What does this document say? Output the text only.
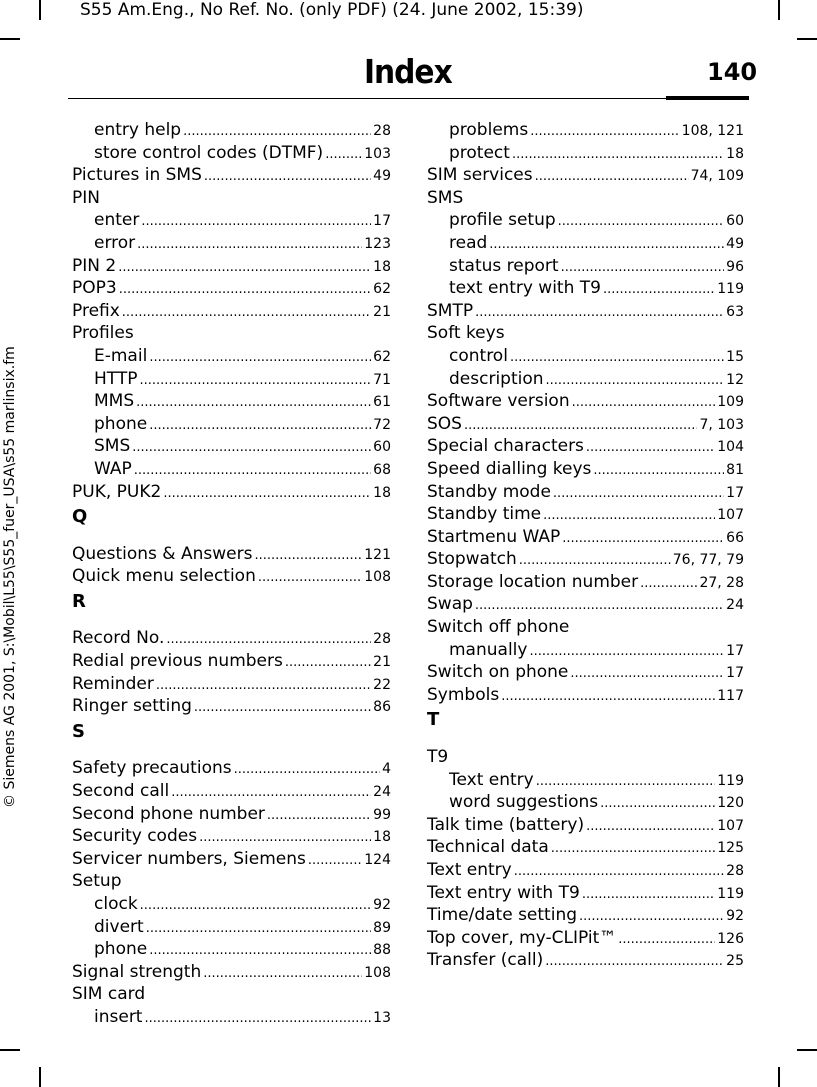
S55 Am.Eng., No Ref. No. (only PDF) (24. June 2002, 15:39)
Index	140
© Siemens AG 2001, S:\Mobil\L55\S55_fuer_USA\s55 marlinsix.fm
entry help .....	28
store control codes (DTMF) .....	103
Pictures in SMS .....	49
PIN
enter .....	17
error .....	123
PIN 2 .....	18
POP3 .....	62
Prefix .....	21
Profiles
E-mail .....	62
HTTP .....	71
MMS .....	61
phone .....	72
SMS .....	60
WAP .....	68
PUK, PUK2 .....	18
Q
Questions & Answers .....	121
Quick menu selection .....	108
R
Record No. .....	28
Redial previous numbers .....	21
Reminder .....	22
Ringer setting .....	86
S
Safety precautions .....	4
Second call .....	24
Second phone number .....	99
Security codes .....	18
Servicer numbers, Siemens .....	124
Setup
clock .....	92
divert .....	89
phone .....	88
Signal strength .....	108
SIM card
insert .....	13
problems .....	108, 121
protect .....	18
SIM services .....	74, 109
SMS
profile setup .....	60
read .....	49
status report .....	96
text entry with T9 .....	119
SMTP .....	63
Soft keys
control .....	15
description .....	12
Software version .....	109
SOS .....	7, 103
Special characters .....	104
Speed dialling keys .....	81
Standby mode .....	17
Standby time .....	107
Startmenu WAP .....	66
Stopwatch .....	76, 77, 79
Storage location number .....	27, 28
Swap .....	24
Switch off phone
manually .....	17
Switch on phone .....	17
Symbols .....	117
T
T9
Text entry .....	119
word suggestions .....	120
Talk time (battery) .....	107
Technical data .....	125
Text entry .....	28
Text entry with T9 .....	119
Time/date setting .....	92
Top cover, my-CLIPit™ .....	126
Transfer (call) .....	25
